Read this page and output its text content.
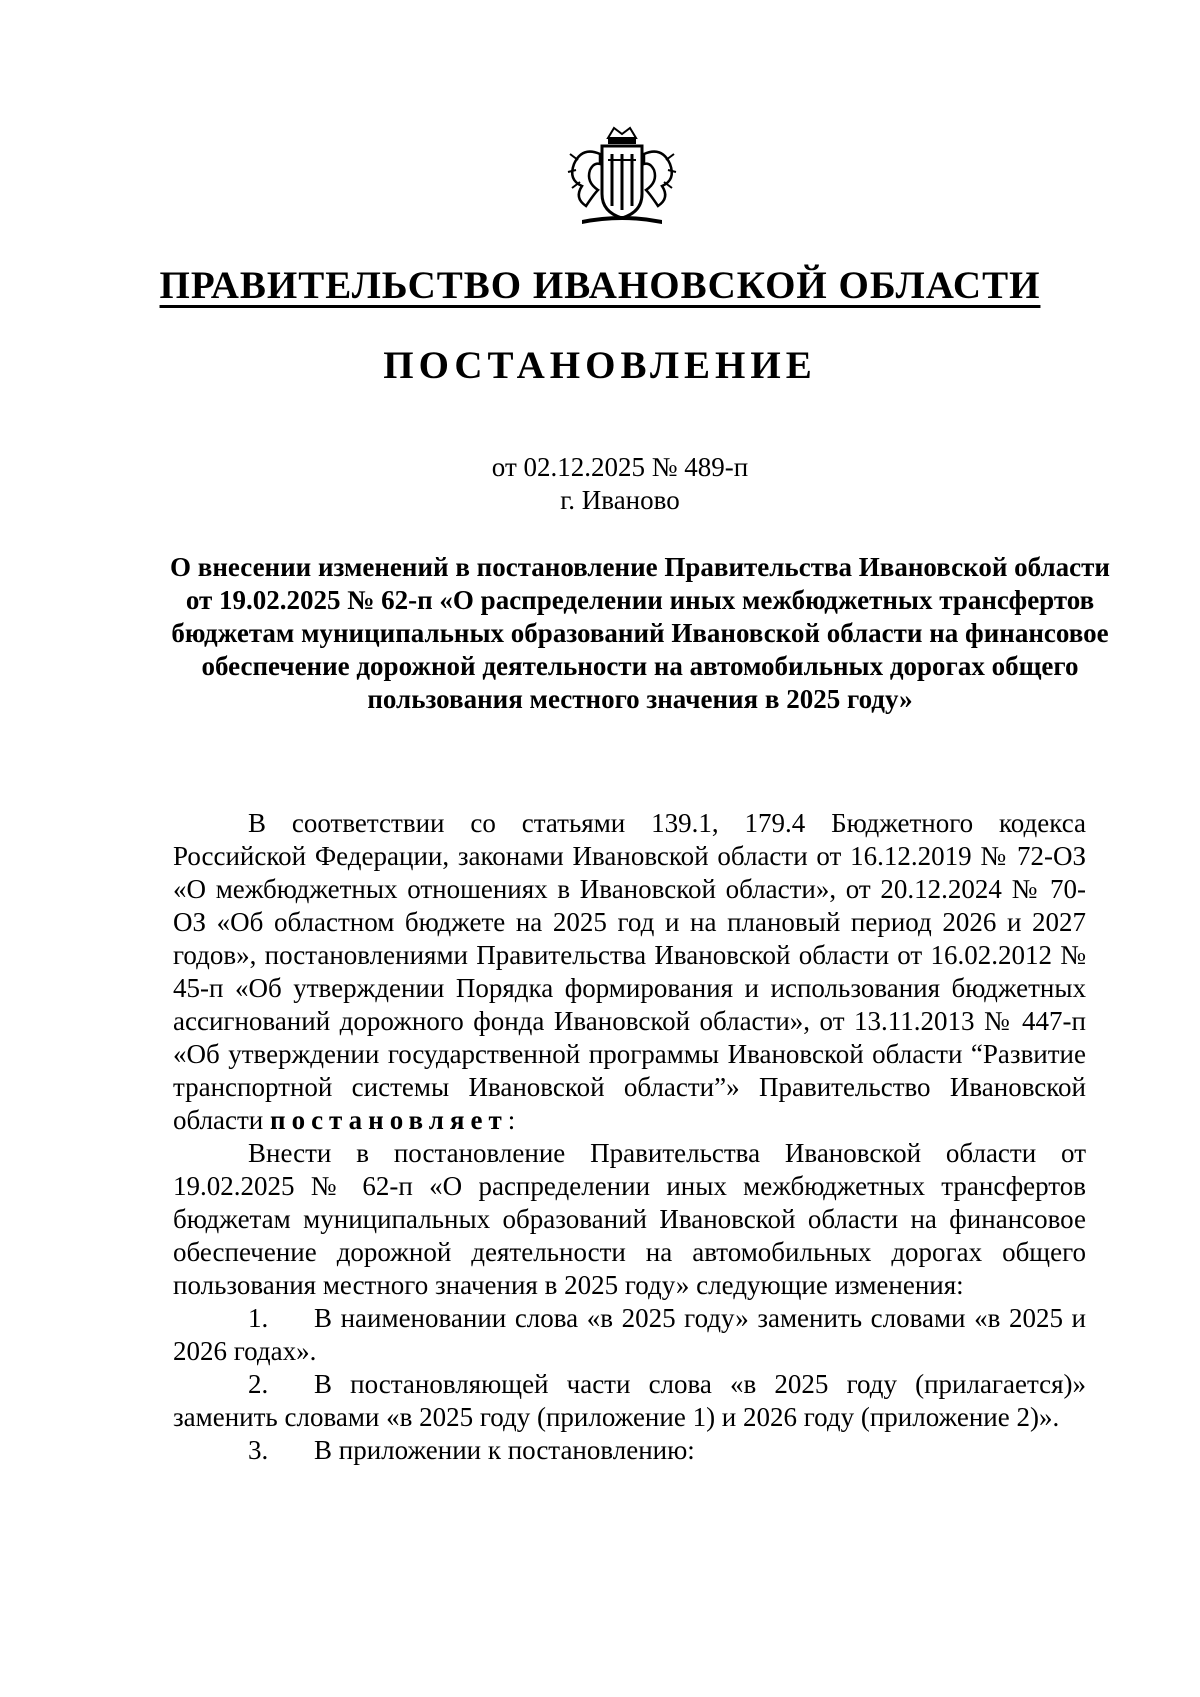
ПРАВИТЕЛЬСТВО ИВАНОВСКОЙ ОБЛАСТИ
ПОСТАНОВЛЕНИЕ
от 02.12.2025 № 489-п
г. Иваново
О внесении изменений в постановление Правительства Ивановской области от 19.02.2025 № 62-п «О распределении иных межбюджетных трансфертов бюджетам муниципальных образований Ивановской области на финансовое обеспечение дорожной деятельности на автомобильных дорогах общего пользования местного значения в 2025 году»

В соответствии со статьями 139.1, 179.4 Бюджетного кодекса Российской Федерации, законами Ивановской области от 16.12.2019 № 72-ОЗ «О межбюджетных отношениях в Ивановской области», от 20.12.2024 № 70-ОЗ «Об областном бюджете на 2025 год и на плановый период 2026 и 2027 годов», постановлениями Правительства Ивановской области от 16.02.2012 № 45-п «Об утверждении Порядка формирования и использования бюджетных ассигнований дорожного фонда Ивановской области», от 13.11.2013 № 447-п «Об утверждении государственной программы Ивановской области “Развитие транспортной системы Ивановской области”» Правительство Ивановской области постановляет:

Внести в постановление Правительства Ивановской области от 19.02.2025 № 62-п «О распределении иных межбюджетных трансфертов бюджетам муниципальных образований Ивановской области на финансовое обеспечение дорожной деятельности на автомобильных дорогах общего пользования местного значения в 2025 году» следующие изменения:

1. В наименовании слова «в 2025 году» заменить словами «в 2025 и 2026 годах».

2. В постановляющей части слова «в 2025 году (прилагается)» заменить словами «в 2025 году (приложение 1) и 2026 году (приложение 2)».

3. В приложении к постановлению:
